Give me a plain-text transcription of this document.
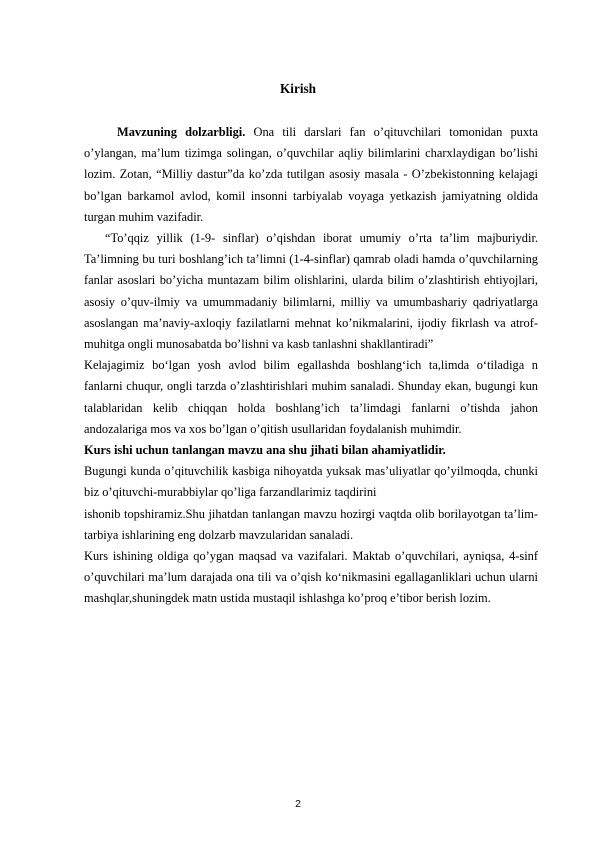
Kirish

Mavzuning dolzarbligi. Ona tili darslari fan o’qituvchilari tomonidan puxta o’ylangan, ma’lum tizimga solingan, o’quvchilar aqliy bilimlarini charxlaydigan bo’lishi lozim. Zotan, “Milliy dastur”da ko’zda tutilgan asosiy masala - O’zbekistonning kelajagi bo’lgan barkamol avlod, komil insonni tarbiyalab voyaga yetkazish jamiyatning oldida turgan muhim vazifadir.

“To’qqiz yillik (1-9- sinflar) o’qishdan iborat umumiy o’rta ta’lim majburiydir. Ta’limning bu turi boshlang’ich ta’limni (1-4-sinflar) qamrab oladi hamda o’quvchilarning fanlar asoslari bo’yicha muntazam bilim olishlarini, ularda bilim o’zlashtirish ehtiyojlari, asosiy o’quv-ilmiy va umummadaniy bilimlarni, milliy va umumbashariy qadriyatlarga asoslangan ma’naviy-axloqiy fazilatlarni mehnat ko’nikmalarini, ijodiy fikrlash va atrof-muhitga ongli munosabatda bo’lishni va kasb tanlashni shakllantiradi”

Kelajagimiz bo‘lgan yosh avlod bilim egallashda boshlang‘ich ta,limda o‘tiladiga n fanlarni chuqur, ongli tarzda o’zlashtirishlari muhim sanaladi. Shunday ekan, bugungi kun talablaridan kelib chiqqan holda boshlang’ich ta’limdagi fanlarni o’tishda jahon andozalariga mos va xos bo’lgan o’qitish usullaridan foydalanish muhimdir.

Kurs ishi uchun tanlangan mavzu ana shu jihati bilan ahamiyatlidir.

Bugungi kunda o’qituvchilik kasbiga nihoyatda yuksak mas’uliyatlar qo’yilmoqda, chunki biz o’qituvchi-murabbiylar qo’liga farzandlarimiz taqdirini

ishonib topshiramiz.Shu jihatdan tanlangan mavzu hozirgi vaqtda olib borilayotgan ta’lim-tarbiya ishlarining eng dolzarb mavzularidan sanaladi.

Kurs ishining oldiga qo’ygan maqsad va vazifalari. Maktab o’quvchilari, ayniqsa, 4-sinf o’quvchilari ma’lum darajada ona tili va o’qish ko‘nikmasini egallaganliklari uchun ularni mashqlar,shuningdek matn ustida mustaqil ishlashga ko’proq e’tibor berish lozim.

2
